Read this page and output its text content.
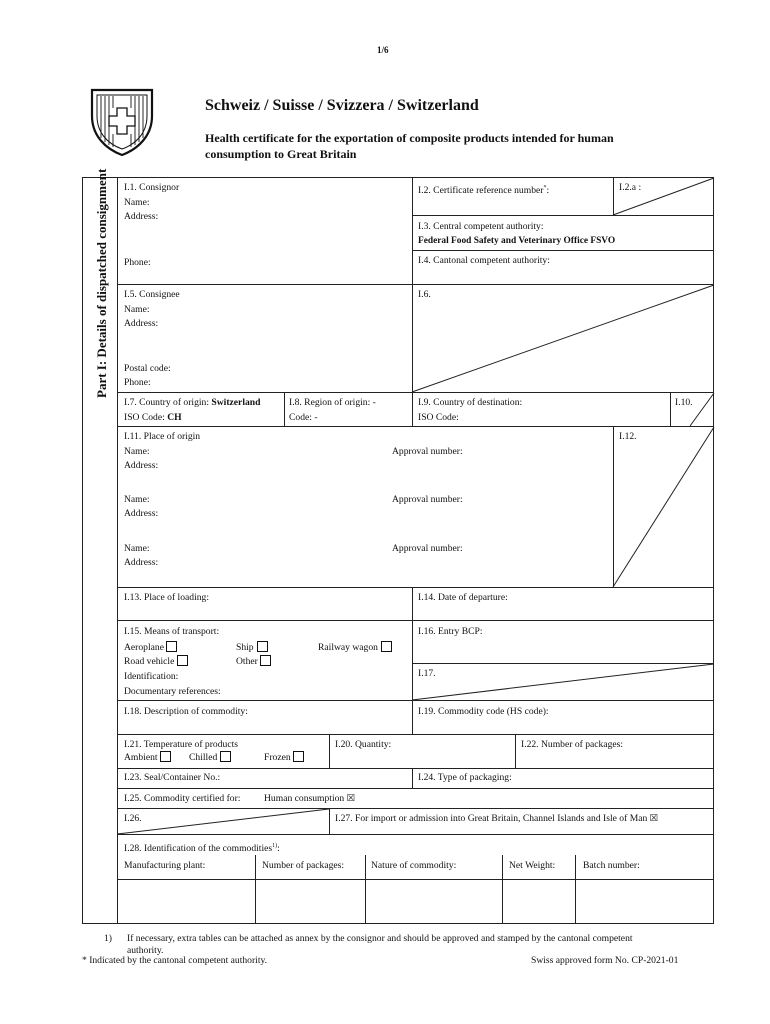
1/6
Schweiz / Suisse / Svizzera / Switzerland
Health certificate for the exportation of composite products intended for human
consumption to Great Britain
Part I: Details of dispatched consignment I.1. Consignor
Name:
Address:
Phone:
I.2. Certificate reference number*:	I.2.a :
I.3. Central competent authority:
Federal Food Safety and Veterinary Office FSVO
I.4. Cantonal competent authority:
I.5. Consignee
Name:
Address:
Postal code:
Phone:
I.6.
I.7. Country of origin: Switzerland
ISO Code: CH
I.8. Region of origin: -
Code: -
I.9. Country of destination:
ISO Code:
I.10.
I.11. Place of origin
Name:	Approval number:
Address:
Name:	Approval number:
Address:
Name:	Approval number:
Address:
I.12.
I.13. Place of loading:	I.14. Date of departure:
I.15. Means of transport:
Aeroplane	Ship	Railway wagon
Road vehicle	Other
Identification:
Documentary references:
I.16. Entry BCP:
I.17.
I.18. Description of commodity:	I.19. Commodity code (HS code):
I.21. Temperature of products
Ambient	Chilled	Frozen
I.20. Quantity:	I.22. Number of packages:
I.23. Seal/Container No.:	I.24. Type of packaging:
I.25. Commodity certified for: Human consumption ☒
I.26.	I.27. For import or admission into Great Britain, Channel Islands and Isle of Man ☒
I.28. Identification of the commodities$^{1)}$:
Manufacturing plant:	Number of packages:	Nature of commodity:	Net Weight:	Batch number:
1) If necessary, extra tables can be attached as annex by the consignor and should be approved and stamped by the cantonal competent
authority.
* Indicated by the cantonal competent authority.	Swiss approved form No. CP-2021-01
